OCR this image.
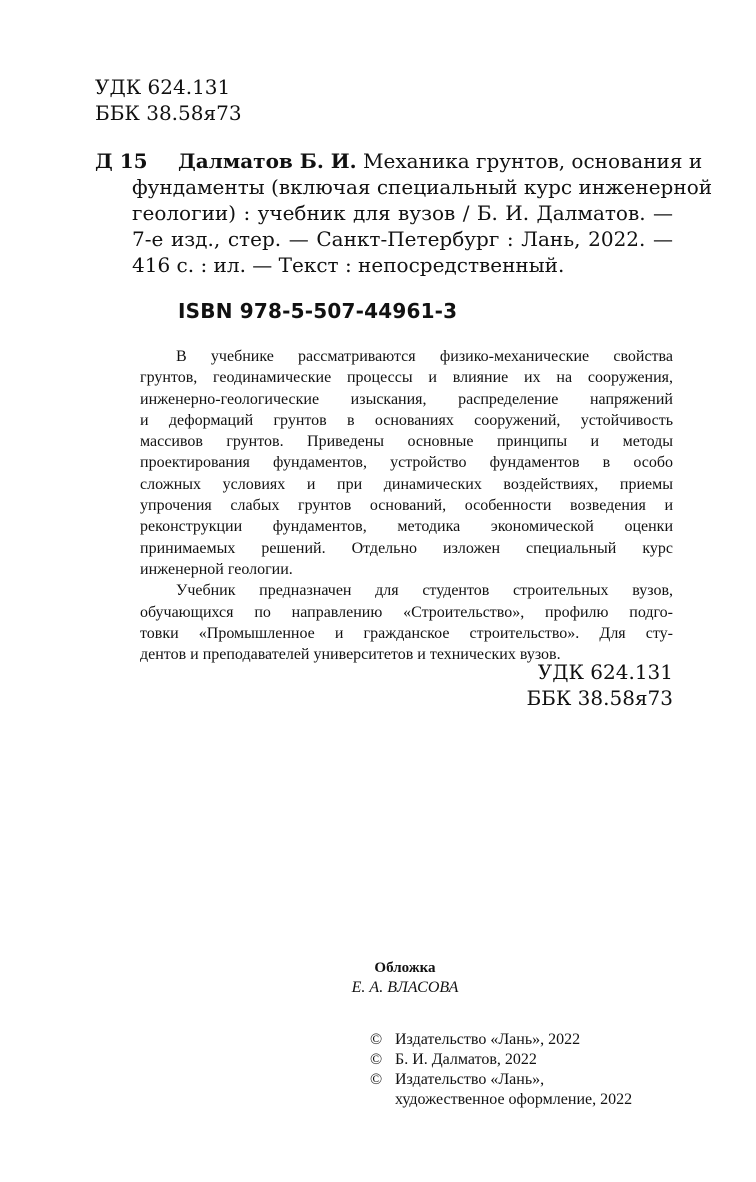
УДК 624.131
ББК 38.58я73
Д 15 Далматов Б. И. Механика грунтов, основания и
фундаменты (включая специальный курс инженерной
геологии) : учебник для вузов / Б. И. Далматов. —
7-е изд., стер. — Санкт-Петербург : Лань, 2022. —
416 с. : ил. — Текст : непосредственный.
ISBN 978-5-507-44961-3
В учебнике рассматриваются физико-механические свойства
грунтов, геодинамические процессы и влияние их на сооружения,
инженерно-геологические изыскания, распределение напряжений
и деформаций грунтов в основаниях сооружений, устойчивость
массивов грунтов. Приведены основные принципы и методы
проектирования фундаментов, устройство фундаментов в особо
сложных условиях и при динамических воздействиях, приемы
упрочения слабых грунтов оснований, особенности возведения и
реконструкции фундаментов, методика экономической оценки
принимаемых решений. Отдельно изложен специальный курс
инженерной геологии.
Учебник предназначен для студентов строительных вузов,
обучающихся по направлению «Строительство», профилю подго-
товки «Промышленное и гражданское строительство». Для сту-
дентов и преподавателей университетов и технических вузов.
УДК 624.131
ББК 38.58я73
Обложка
Е. А. ВЛАСОВА
© Издательство «Лань», 2022
© Б. И. Далматов, 2022
© Издательство «Лань»,
художественное оформление, 2022
